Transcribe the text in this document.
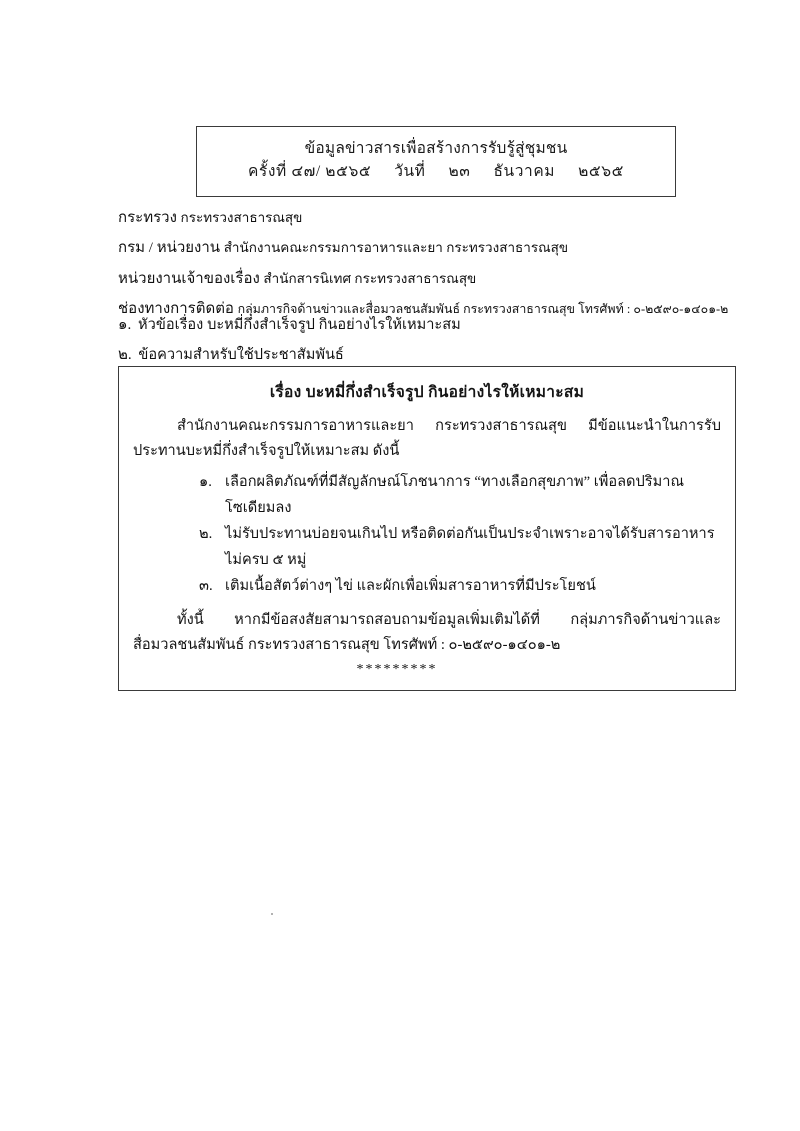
ข้อมูลข่าวสารเพื่อสร้างการรับรู้สู่ชุมชน
ครั้งที่ ๔๗/ ๒๕๖๕ วันที่ ๒๓ ธันวาคม ๒๕๖๕
กระทรวง กระทรวงสาธารณสุข
กรม / หน่วยงาน สำนักงานคณะกรรมการอาหารและยา กระทรวงสาธารณสุข
หน่วยงานเจ้าของเรื่อง สำนักสารนิเทศ กระทรวงสาธารณสุข
ช่องทางการติดต่อ กลุ่มภารกิจด้านข่าวและสื่อมวลชนสัมพันธ์ กระทรวงสาธารณสุข โทรศัพท์ : ๐-๒๕๙๐-๑๔๐๑-๒
๑. หัวข้อเรื่อง บะหมี่กึ่งสำเร็จรูป กินอย่างไรให้เหมาะสม
๒. ข้อความสำหรับใช้ประชาสัมพันธ์
เรื่อง บะหมี่กึ่งสำเร็จรูป กินอย่างไรให้เหมาะสม

สำนักงานคณะกรรมการอาหารและยา กระทรวงสาธารณสุข มีข้อแนะนำในการรับประทานบะหมี่กึ่งสำเร็จรูปให้เหมาะสม ดังนี้

๑. เลือกผลิตภัณฑ์ที่มีสัญลักษณ์โภชนาการ “ทางเลือกสุขภาพ” เพื่อลดปริมาณโซเดียมลง
๒. ไม่รับประทานบ่อยจนเกินไป หรือติดต่อกันเป็นประจำเพราะอาจได้รับสารอาหารไม่ครบ ๕ หมู่
๓. เติมเนื้อสัตว์ต่างๆ ไข่ และผักเพื่อเพิ่มสารอาหารที่มีประโยชน์

ทั้งนี้ หากมีข้อสงสัยสามารถสอบถามข้อมูลเพิ่มเติมได้ที่ กลุ่มภารกิจด้านข่าวและสื่อมวลชนสัมพันธ์ กระทรวงสาธารณสุข โทรศัพท์ : ๐-๒๕๙๐-๑๔๐๑-๒

*********
